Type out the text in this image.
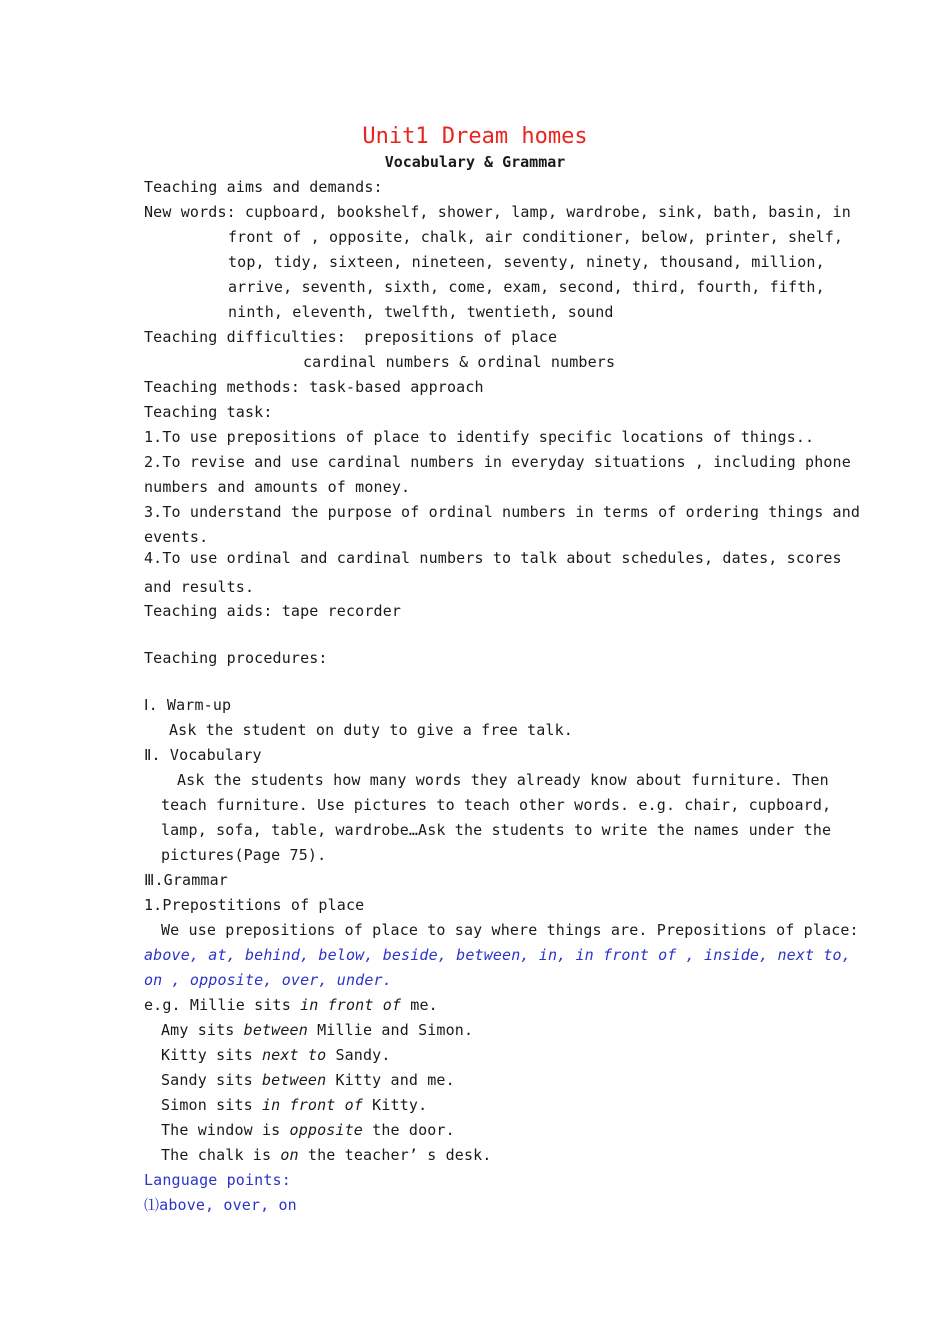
Unit1 Dream homes
Vocabulary & Grammar
Teaching aims and demands:
New words: cupboard, bookshelf, shower, lamp, wardrobe, sink, bath, basin, in
front of , opposite, chalk, air conditioner, below, printer, shelf,
top, tidy, sixteen, nineteen, seventy, ninety, thousand, million,
arrive, seventh, sixth, come, exam, second, third, fourth, fifth,
ninth, eleventh, twelfth, twentieth, sound
Teaching difficulties:  prepositions of place
cardinal numbers & ordinal numbers
Teaching methods: task-based approach
Teaching task:
1.To use prepositions of place to identify specific locations of things..
2.To revise and use cardinal numbers in everyday situations , including phone
numbers and amounts of money.
3.To understand the purpose of ordinal numbers in terms of ordering things and
events.
4.To use ordinal and cardinal numbers to talk about schedules, dates, scores
and results.
Teaching aids: tape recorder
Teaching procedures:
Ⅰ. Warm-up
Ask the student on duty to give a free talk.
Ⅱ. Vocabulary
Ask the students how many words they already know about furniture. Then
teach furniture. Use pictures to teach other words. e.g. chair, cupboard,
lamp, sofa, table, wardrobe…Ask the students to write the names under the
pictures(Page 75).
Ⅲ.Grammar
1.Prepostitions of place
We use prepositions of place to say where things are. Prepositions of place:
above, at, behind, below, beside, between, in, in front of , inside, next to,
on , opposite, over, under.
e.g. Millie sits in front of me.
Amy sits between Millie and Simon.
Kitty sits next to Sandy.
Sandy sits between Kitty and me.
Simon sits in front of Kitty.
The window is opposite the door.
The chalk is on the teacher’ s desk.
Language points:
⑴above, over, on
